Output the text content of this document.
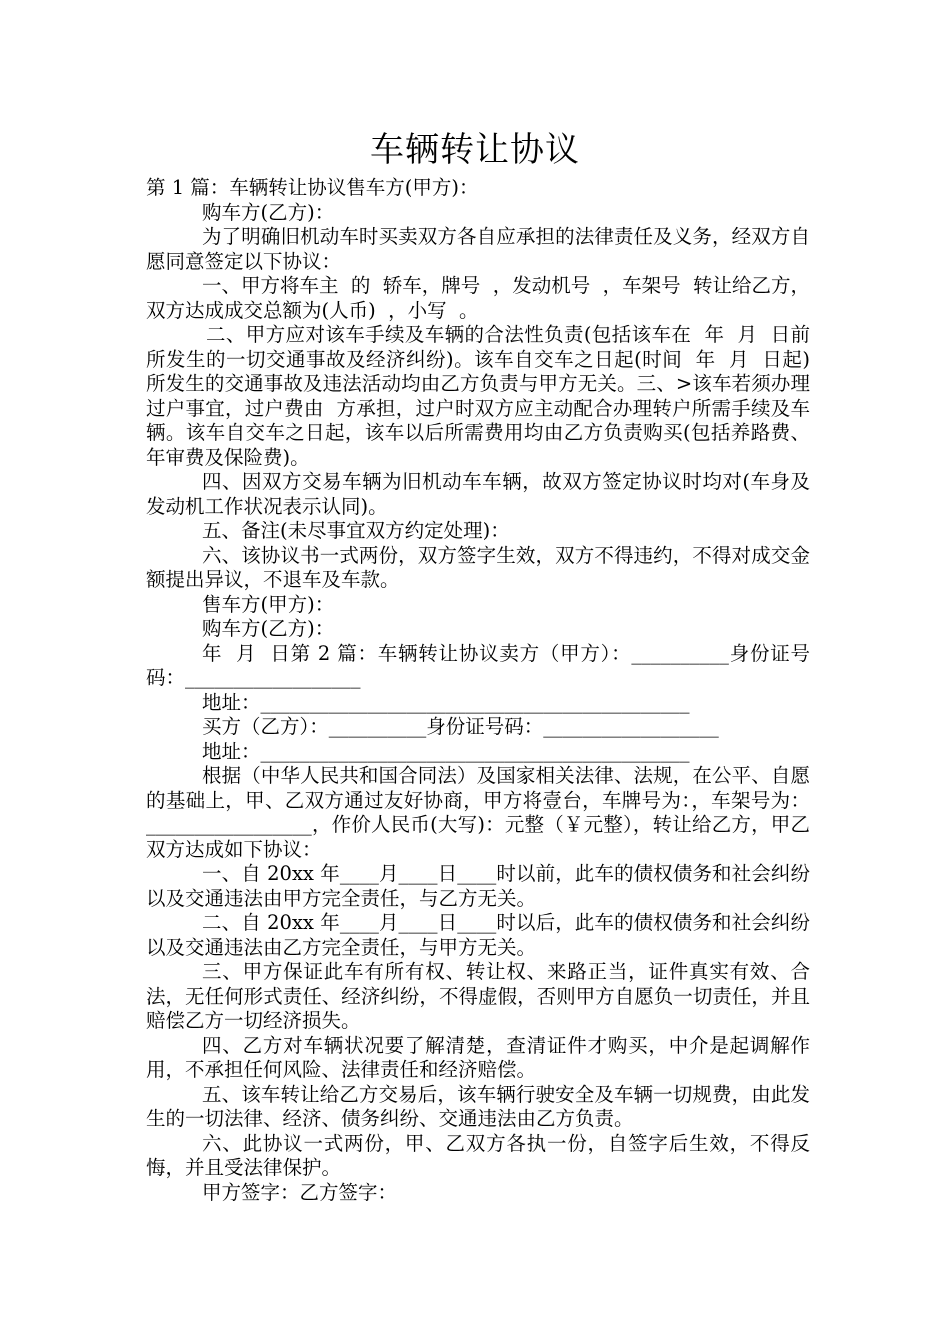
车辆转让协议

第 1 篇：车辆转让协议售车方(甲方)：

购车方(乙方)：

为了明确旧机动车时买卖双方各自应承担的法律责任及义务，经双方自愿同意签定以下协议：

一、甲方将车主  的  轿车，牌号  ，发动机号  ，车架号  转让给乙方，双方达成成交总额为(人币)  ，小写  。

二、甲方应对该车手续及车辆的合法性负责(包括该车在  年  月  日前所发生的一切交通事故及经济纠纷)。该车自交车之日起(时间  年  月  日起)所发生的交通事故及违法活动均由乙方负责与甲方无关。三、>该车若须办理过户事宜，过户费由  方承担，过户时双方应主动配合办理转户所需手续及车辆。该车自交车之日起，该车以后所需费用均由乙方负责购买(包括养路费、年审费及保险费)。

四、因双方交易车辆为旧机动车车辆，故双方签定协议时均对(车身及发动机工作状况表示认同)。

五、备注(未尽事宜双方约定处理)：

六、该协议书一式两份，双方签字生效，双方不得违约，不得对成交金额提出异议，不退车及车款。

售车方(甲方)：

购车方(乙方)：

年  月  日第 2 篇：车辆转让协议卖方（甲方）：__________身份证号码：__________________

地址：____________________________________________

买方（乙方）：__________身份证号码：__________________

地址：____________________________________________

根据（中华人民共和国合同法）及国家相关法律、法规，在公平、自愿的基础上，甲、乙双方通过友好协商，甲方将壹台，车牌号为：，车架号为：_________________，作价人民币(大写)：元整（￥元整），转让给乙方，甲乙双方达成如下协议：

一、自 20xx 年____月____日____时以前，此车的债权债务和社会纠纷以及交通违法由甲方完全责任，与乙方无关。

二、自 20xx 年____月____日____时以后，此车的债权债务和社会纠纷以及交通违法由乙方完全责任，与甲方无关。

三、甲方保证此车有所有权、转让权、来路正当，证件真实有效、合法，无任何形式责任、经济纠纷，不得虚假，否则甲方自愿负一切责任，并且赔偿乙方一切经济损失。

四、乙方对车辆状况要了解清楚，查清证件才购买，中介是起调解作用，不承担任何风险、法律责任和经济赔偿。

五、该车转让给乙方交易后，该车辆行驶安全及车辆一切规费，由此发生的一切法律、经济、债务纠纷、交通违法由乙方负责。

六、此协议一式两份，甲、乙双方各执一份，自签字后生效，不得反悔，并且受法律保护。

甲方签字：乙方签字：
